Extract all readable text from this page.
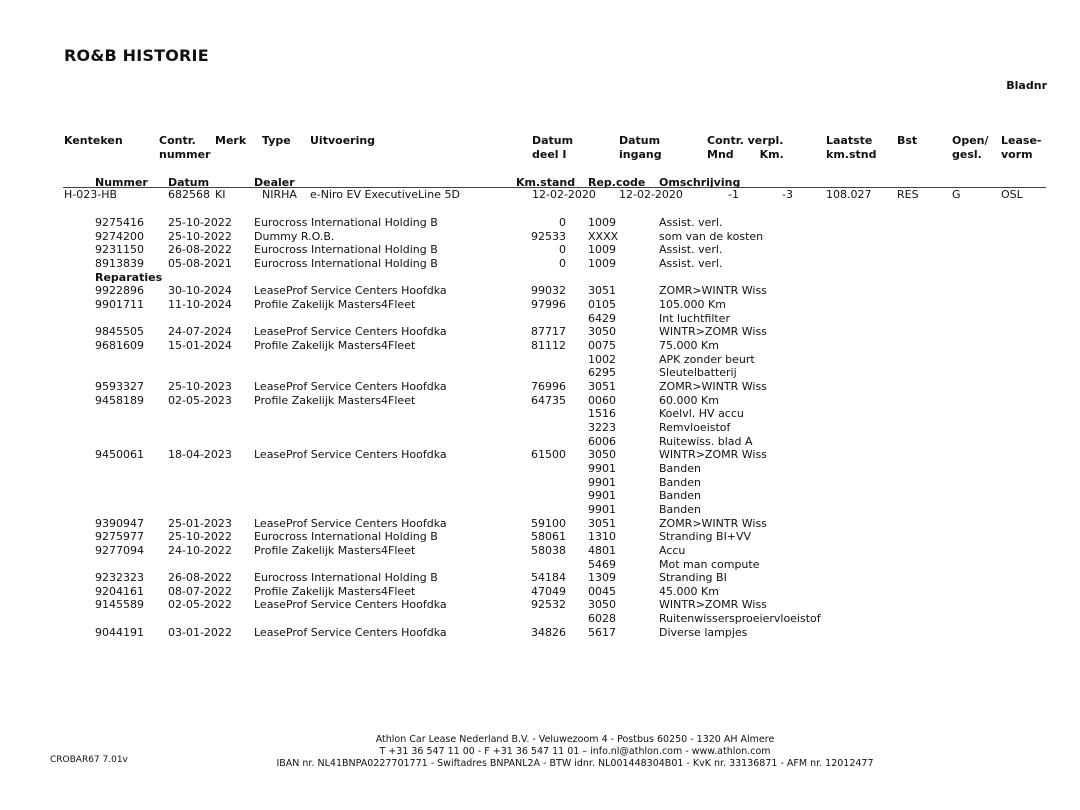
RO&B HISTORIE
Bladnr
Kenteken	Contr.
nummer
Merk Type Uitvoering	Datum
deel I
Datum
ingang
Contr. verpl.
Mnd Km.
Laatste
km.stnd
Bst	Open/
gesl.
Lease-
vorm
Nummer Datum	Dealer	Km.stand Rep.code Omschrijving
H-023-HB	682568 KI	NIRHA e-Niro EV ExecutiveLine 5D	12-02-2020 12-02-2020	-1	-3	108.027 RES	G	OSL
9275416 25-10-2022 Eurocross International Holding B	0 1009	Assist. verl.
9274200 25-10-2022 Dummy R.O.B.	92533 XXXX	som van de kosten
9231150 26-08-2022 Eurocross International Holding B	0 1009	Assist. verl.
8913839 05-08-2021 Eurocross International Holding B	0 1009	Assist. verl.
Reparaties
9922896 30-10-2024 LeaseProf Service Centers Hoofdka	99032 3051	ZOMR>WINTR Wiss
9901711 11-10-2024 Profile Zakelijk Masters4Fleet	97996 0105	105.000 Km
6429	Int luchtfilter
9845505 24-07-2024 LeaseProf Service Centers Hoofdka	87717 3050	WINTR>ZOMR Wiss
9681609 15-01-2024 Profile Zakelijk Masters4Fleet	81112 0075	75.000 Km
1002	APK zonder beurt
6295	Sleutelbatterij
9593327 25-10-2023 LeaseProf Service Centers Hoofdka	76996 3051	ZOMR>WINTR Wiss
9458189 02-05-2023 Profile Zakelijk Masters4Fleet	64735 0060	60.000 Km
1516	Koelvl. HV accu
3223	Remvloeistof
6006	Ruitewiss. blad A
9450061 18-04-2023 LeaseProf Service Centers Hoofdka	61500 3050	WINTR>ZOMR Wiss
9901	Banden
9901	Banden
9901	Banden
9901	Banden
9390947 25-01-2023 LeaseProf Service Centers Hoofdka	59100 3051	ZOMR>WINTR Wiss
9275977 25-10-2022 Eurocross International Holding B	58061 1310	Stranding BI+VV
9277094 24-10-2022 Profile Zakelijk Masters4Fleet	58038 4801	Accu
5469	Mot man compute
9232323 26-08-2022 Eurocross International Holding B	54184 1309	Stranding BI
9204161 08-07-2022 Profile Zakelijk Masters4Fleet	47049 0045	45.000 Km
9145589 02-05-2022 LeaseProf Service Centers Hoofdka	92532 3050	WINTR>ZOMR Wiss
6028	Ruitenwissersproeiervloeistof
9044191 03-01-2022 LeaseProf Service Centers Hoofdka	34826 5617	Diverse lampjes
Athlon Car Lease Nederland B.V. - Veluwezoom 4 - Postbus 60250 - 1320 AH Almere
T +31 36 547 11 00 - F +31 36 547 11 01 – info.nl@athlon.com - www.athlon.com
IBAN nr. NL41BNPA0227701771 - Swiftadres BNPANL2A - BTW idnr. NL001448304B01 - KvK nr. 33136871 - AFM nr. 12012477
CROBAR67 7.01v
